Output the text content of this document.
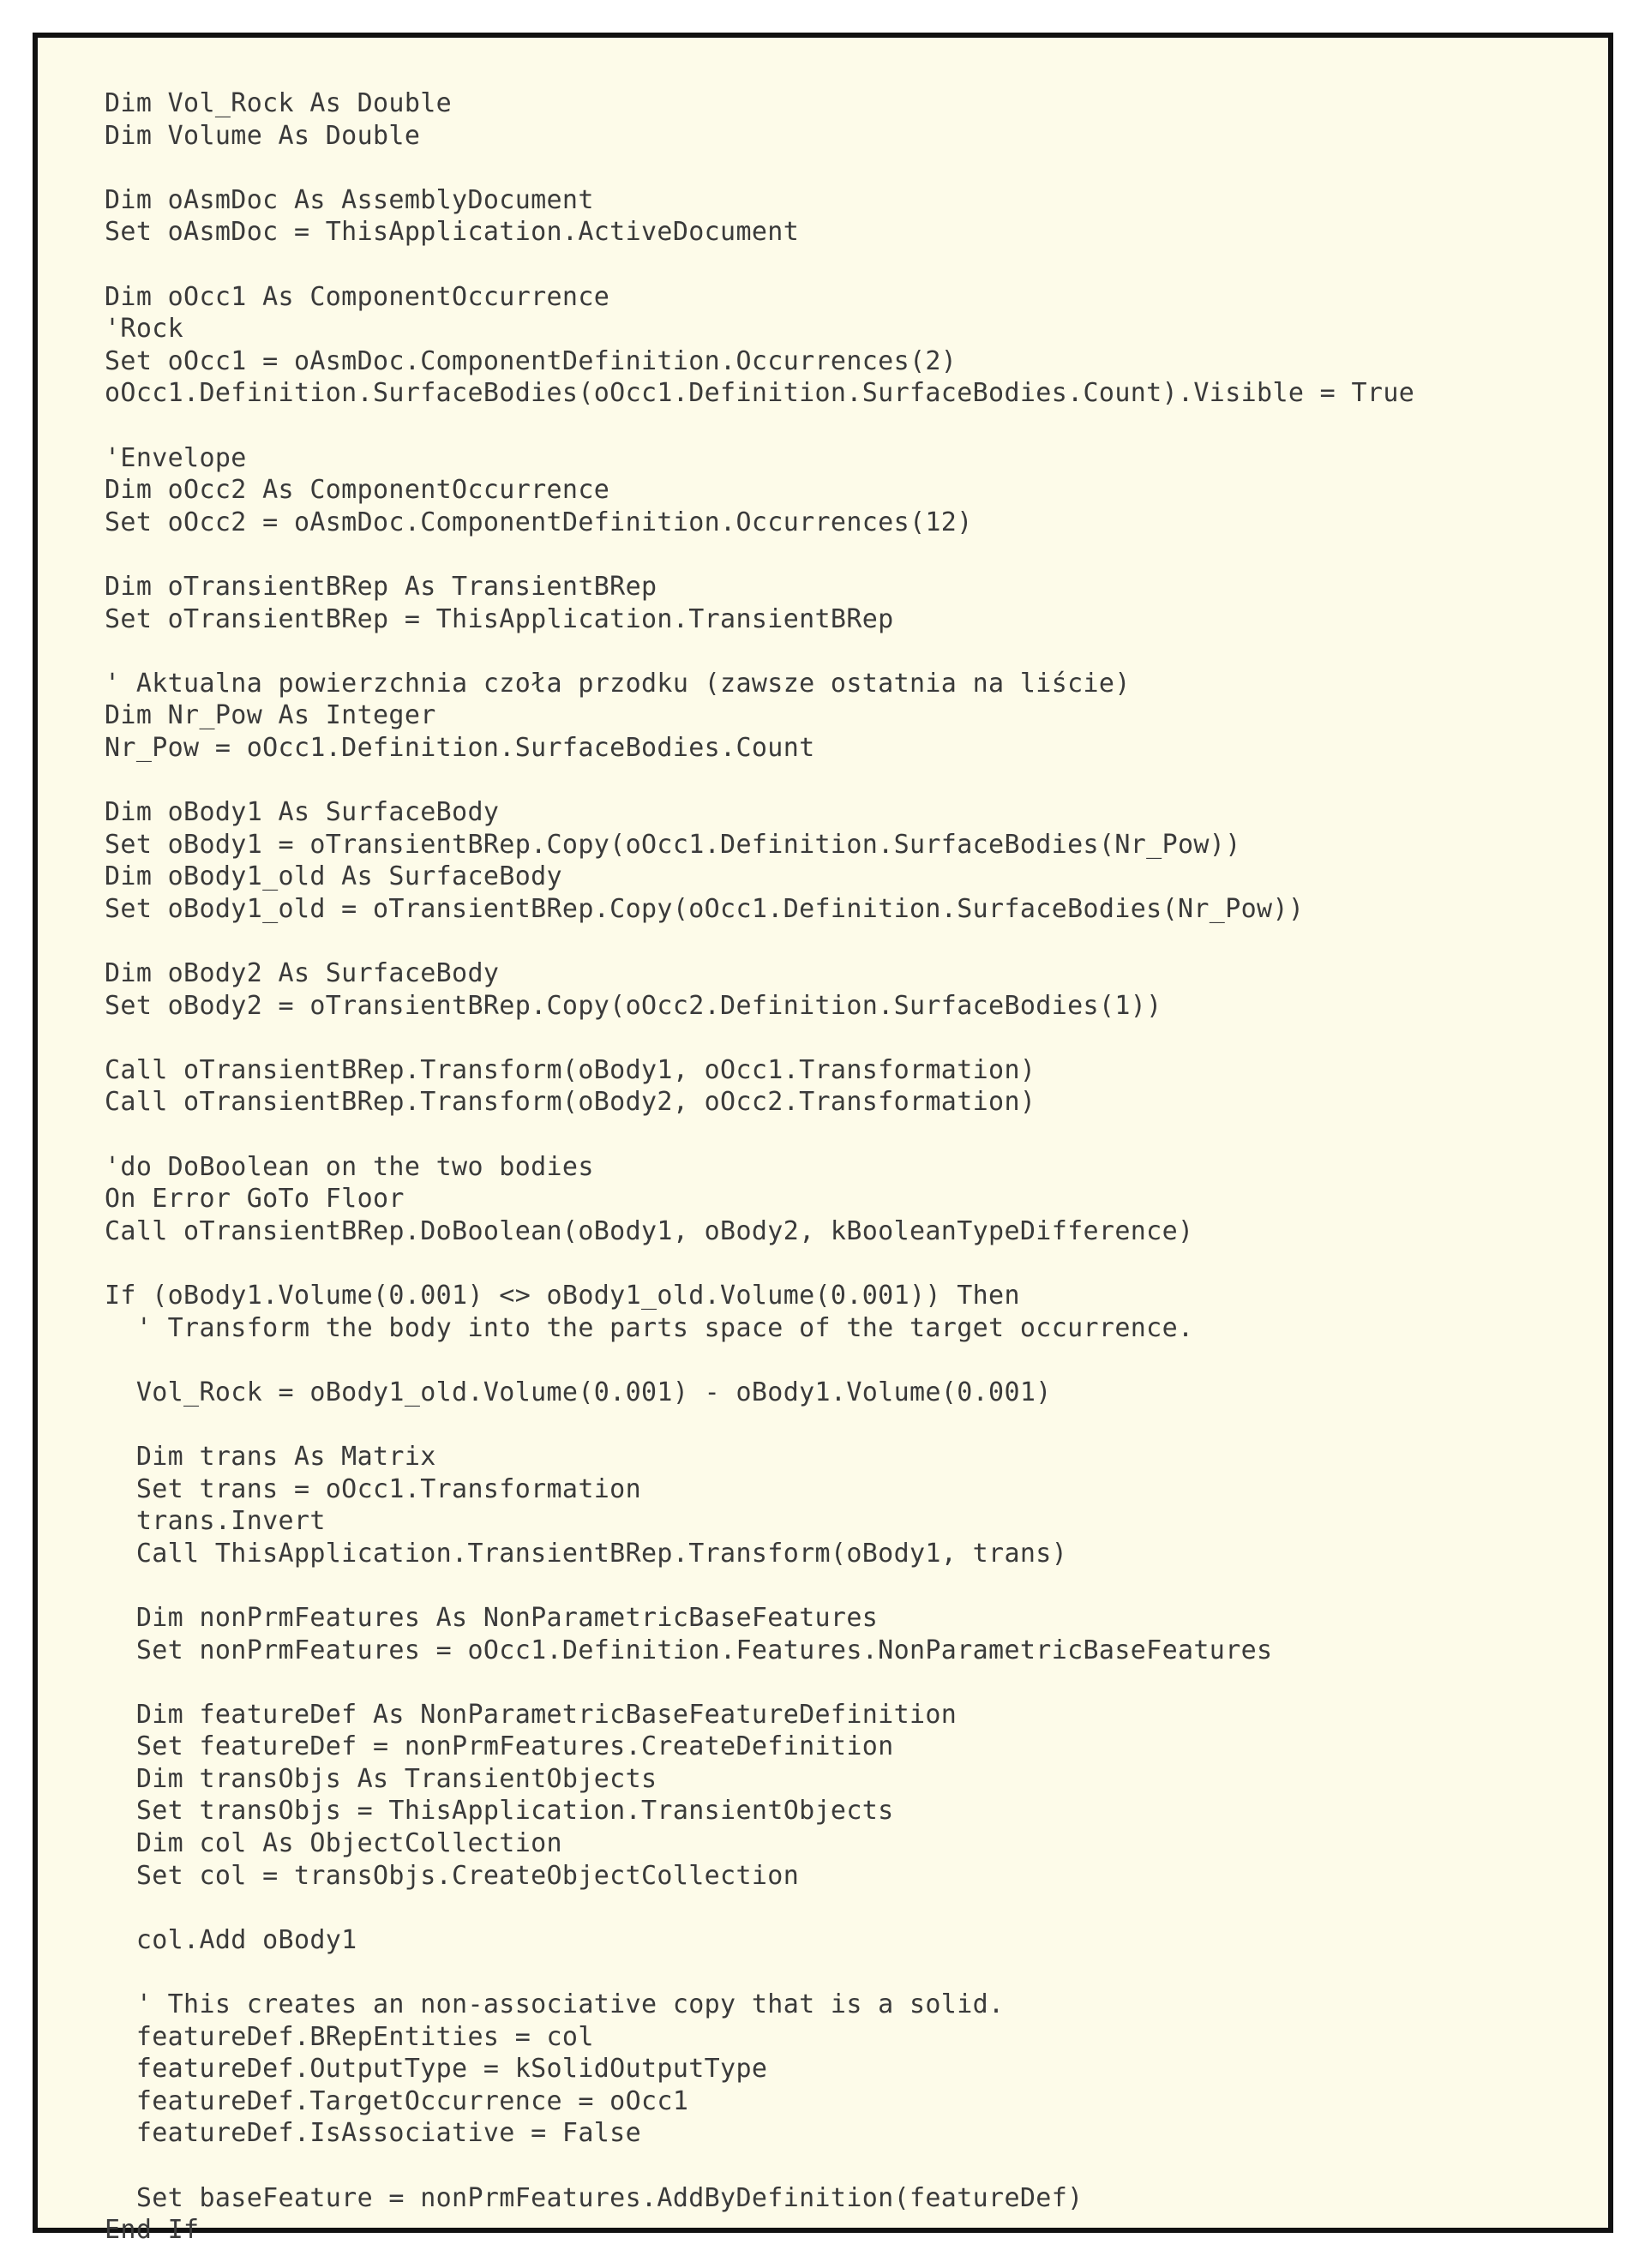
Dim Vol_Rock As Double
Dim Volume As Double
Dim oAsmDoc As AssemblyDocument
Set oAsmDoc = ThisApplication.ActiveDocument
Dim oOcc1 As ComponentOccurrence
'Rock
Set oOcc1 = oAsmDoc.ComponentDefinition.Occurrences(2)
oOcc1.Definition.SurfaceBodies(oOcc1.Definition.SurfaceBodies.Count).Visible = True
'Envelope
Dim oOcc2 As ComponentOccurrence
Set oOcc2 = oAsmDoc.ComponentDefinition.Occurrences(12)
Dim oTransientBRep As TransientBRep
Set oTransientBRep = ThisApplication.TransientBRep
' Aktualna powierzchnia czoła przodku (zawsze ostatnia na liście)
Dim Nr_Pow As Integer
Nr_Pow = oOcc1.Definition.SurfaceBodies.Count
Dim oBody1 As SurfaceBody
Set oBody1 = oTransientBRep.Copy(oOcc1.Definition.SurfaceBodies(Nr_Pow))
Dim oBody1_old As SurfaceBody
Set oBody1_old = oTransientBRep.Copy(oOcc1.Definition.SurfaceBodies(Nr_Pow))
Dim oBody2 As SurfaceBody
Set oBody2 = oTransientBRep.Copy(oOcc2.Definition.SurfaceBodies(1))
Call oTransientBRep.Transform(oBody1, oOcc1.Transformation)
Call oTransientBRep.Transform(oBody2, oOcc2.Transformation)
'do DoBoolean on the two bodies
On Error GoTo Floor
Call oTransientBRep.DoBoolean(oBody1, oBody2, kBooleanTypeDifference)
If (oBody1.Volume(0.001) <> oBody1_old.Volume(0.001)) Then
' Transform the body into the parts space of the target occurrence.
Vol_Rock = oBody1_old.Volume(0.001) - oBody1.Volume(0.001)
Dim trans As Matrix
Set trans = oOcc1.Transformation
trans.Invert
Call ThisApplication.TransientBRep.Transform(oBody1, trans)
Dim nonPrmFeatures As NonParametricBaseFeatures
Set nonPrmFeatures = oOcc1.Definition.Features.NonParametricBaseFeatures
Dim featureDef As NonParametricBaseFeatureDefinition
Set featureDef = nonPrmFeatures.CreateDefinition
Dim transObjs As TransientObjects
Set transObjs = ThisApplication.TransientObjects
Dim col As ObjectCollection
Set col = transObjs.CreateObjectCollection
col.Add oBody1
' This creates an non-associative copy that is a solid.
featureDef.BRepEntities = col
featureDef.OutputType = kSolidOutputType
featureDef.TargetOccurrence = oOcc1
featureDef.IsAssociative = False
Set baseFeature = nonPrmFeatures.AddByDefinition(featureDef)
End If
